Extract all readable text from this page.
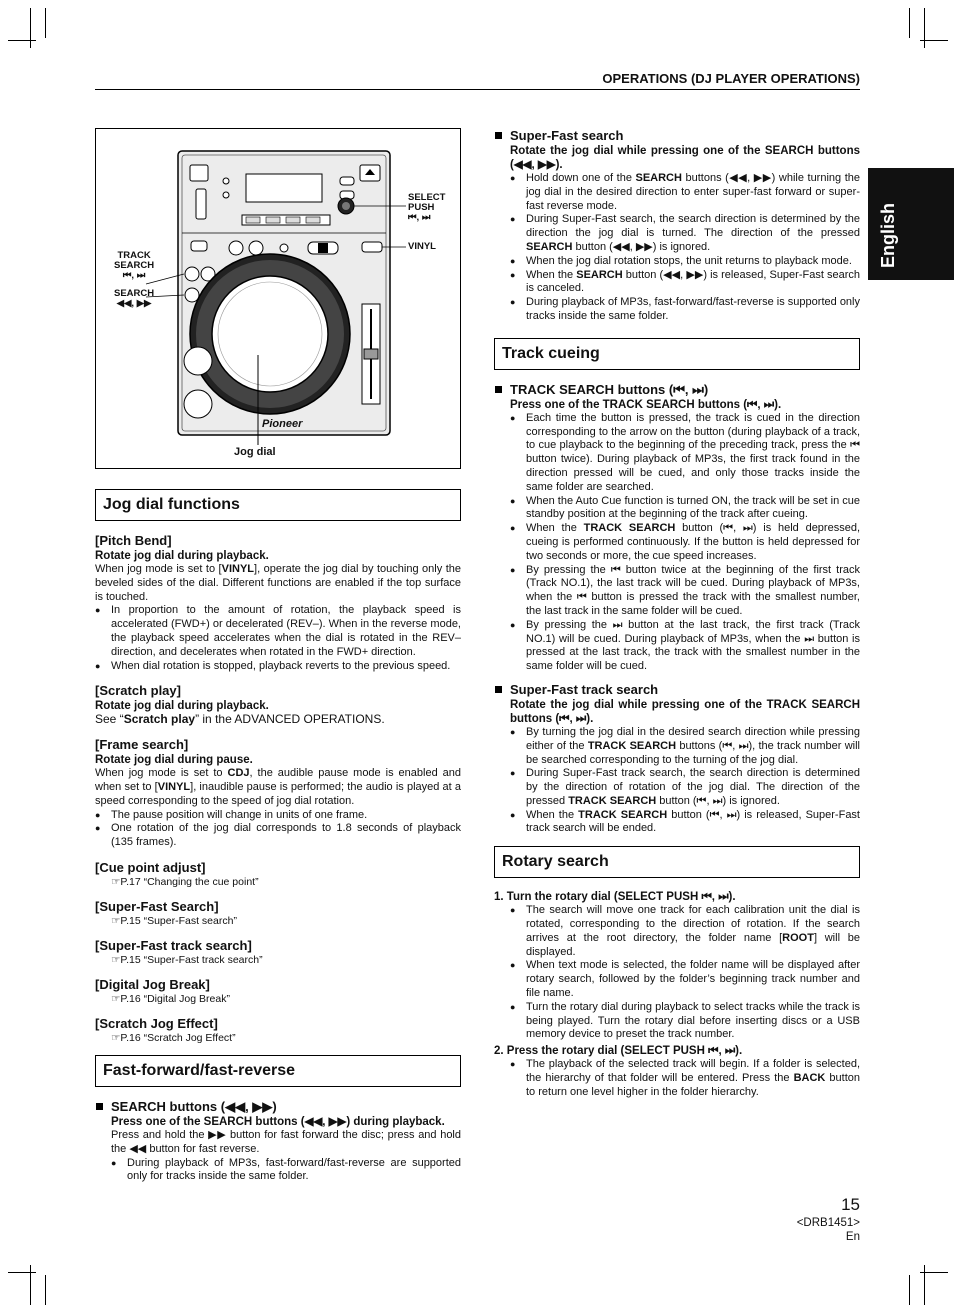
OPERATIONS (DJ PLAYER OPERATIONS)
English
SELECT
PUSH
⏮, ⏭
VINYL
TRACK
SEARCH
⏮, ⏭
SEARCH
◀◀, ▶▶
Pioneer
Jog dial
Jog dial functions
[Pitch Bend]
Rotate jog dial during playback.
When jog mode is set to [VINYL], operate the jog dial by touching only the beveled sides of the dial. Different functions are enabled if the top surface is touched.
● In proportion to the amount of rotation, the playback speed is accelerated (FWD+) or decelerated (REV–). When in the reverse mode, the playback speed accelerates when the dial is rotated in the REV– direction, and decelerates when rotated in the FWD+ direction.
● When dial rotation is stopped, playback reverts to the previous speed.
[Scratch play]
Rotate jog dial during playback.
See “Scratch play” in the ADVANCED OPERATIONS.
[Frame search]
Rotate jog dial during pause.
When jog mode is set to CDJ, the audible pause mode is enabled and when set to [VINYL], inaudible pause is performed; the audio is played at a speed corresponding to the speed of jog dial rotation.
● The pause position will change in units of one frame.
● One rotation of the jog dial corresponds to 1.8 seconds of playback (135 frames).
[Cue point adjust]
☞P.17 “Changing the cue point”
[Super-Fast Search]
☞P.15 “Super-Fast search”
[Super-Fast track search]
☞P.15 “Super-Fast track search”
[Digital Jog Break]
☞P.16 “Digital Jog Break”
[Scratch Jog Effect]
☞P.16 “Scratch Jog Effect”
Fast-forward/fast-reverse
SEARCH buttons (◀◀, ▶▶)
Press one of the SEARCH buttons (◀◀, ▶▶) during playback.
Press and hold the ▶▶ button for fast forward the disc; press and hold the ◀◀ button for fast reverse.
● During playback of MP3s, fast-forward/fast-reverse are supported only for tracks inside the same folder.
Super-Fast search
Rotate the jog dial while pressing one of the SEARCH buttons (◀◀, ▶▶).
● Hold down one of the SEARCH buttons (◀◀, ▶▶) while turning the jog dial in the desired direction to enter super-fast forward or super-fast reverse mode.
● During Super-Fast search, the search direction is determined by the direction the jog dial is turned. The direction of the pressed SEARCH button (◀◀, ▶▶) is ignored.
● When the jog dial rotation stops, the unit returns to playback mode.
● When the SEARCH button (◀◀, ▶▶) is released, Super-Fast search is canceled.
● During playback of MP3s, fast-forward/fast-reverse is supported only tracks inside the same folder.
Track cueing
TRACK SEARCH buttons (⏮, ⏭)
Press one of the TRACK SEARCH buttons (⏮, ⏭).
● Each time the button is pressed, the track is cued in the direction corresponding to the arrow on the button (during playback of a track, to cue playback to the beginning of the preceding track, press the ⏮ button twice). During playback of MP3s, the first track found in the direction pressed will be cued, and only those tracks inside the same folder are searched.
● When the Auto Cue function is turned ON, the track will be set in cue standby position at the beginning of the track after cueing.
● When the TRACK SEARCH button (⏮, ⏭) is held depressed, cueing is performed continuously. If the button is held depressed for two seconds or more, the cue speed increases.
● By pressing the ⏮ button twice at the beginning of the first track (Track NO.1), the last track will be cued. During playback of MP3s, when the ⏮ button is pressed the track with the smallest number, the last track in the same folder will be cued.
● By pressing the ⏭ button at the last track, the first track (Track NO.1) will be cued. During playback of MP3s, when the ⏭ button is pressed at the last track, the track with the smallest number in the same folder will be cued.
Super-Fast track search
Rotate the jog dial while pressing one of the TRACK SEARCH buttons (⏮, ⏭).
● By turning the jog dial in the desired search direction while pressing either of the TRACK SEARCH buttons (⏮, ⏭), the track number will be searched corresponding to the turning of the jog dial.
● During Super-Fast track search, the search direction is determined by the direction of rotation of the jog dial. The direction of the pressed TRACK SEARCH button (⏮, ⏭) is ignored.
● When the TRACK SEARCH button (⏮, ⏭) is released, Super-Fast track search will be ended.
Rotary search
1. Turn the rotary dial (SELECT PUSH ⏮, ⏭).
● The search will move one track for each calibration unit the dial is rotated, corresponding to the direction of rotation. If the search arrives at the root directory, the folder name [ROOT] will be displayed.
● When text mode is selected, the folder name will be displayed after rotary search, followed by the folder’s beginning track number and file name.
● Turn the rotary dial during playback to select tracks while the track is being played. Turn the rotary dial before inserting discs or a USB memory device to preset the track number.
2. Press the rotary dial (SELECT PUSH ⏮, ⏭).
● The playback of the selected track will begin. If a folder is selected, the hierarchy of that folder will be entered. Press the BACK button to return one level higher in the folder hierarchy.
15
<DRB1451>
En
